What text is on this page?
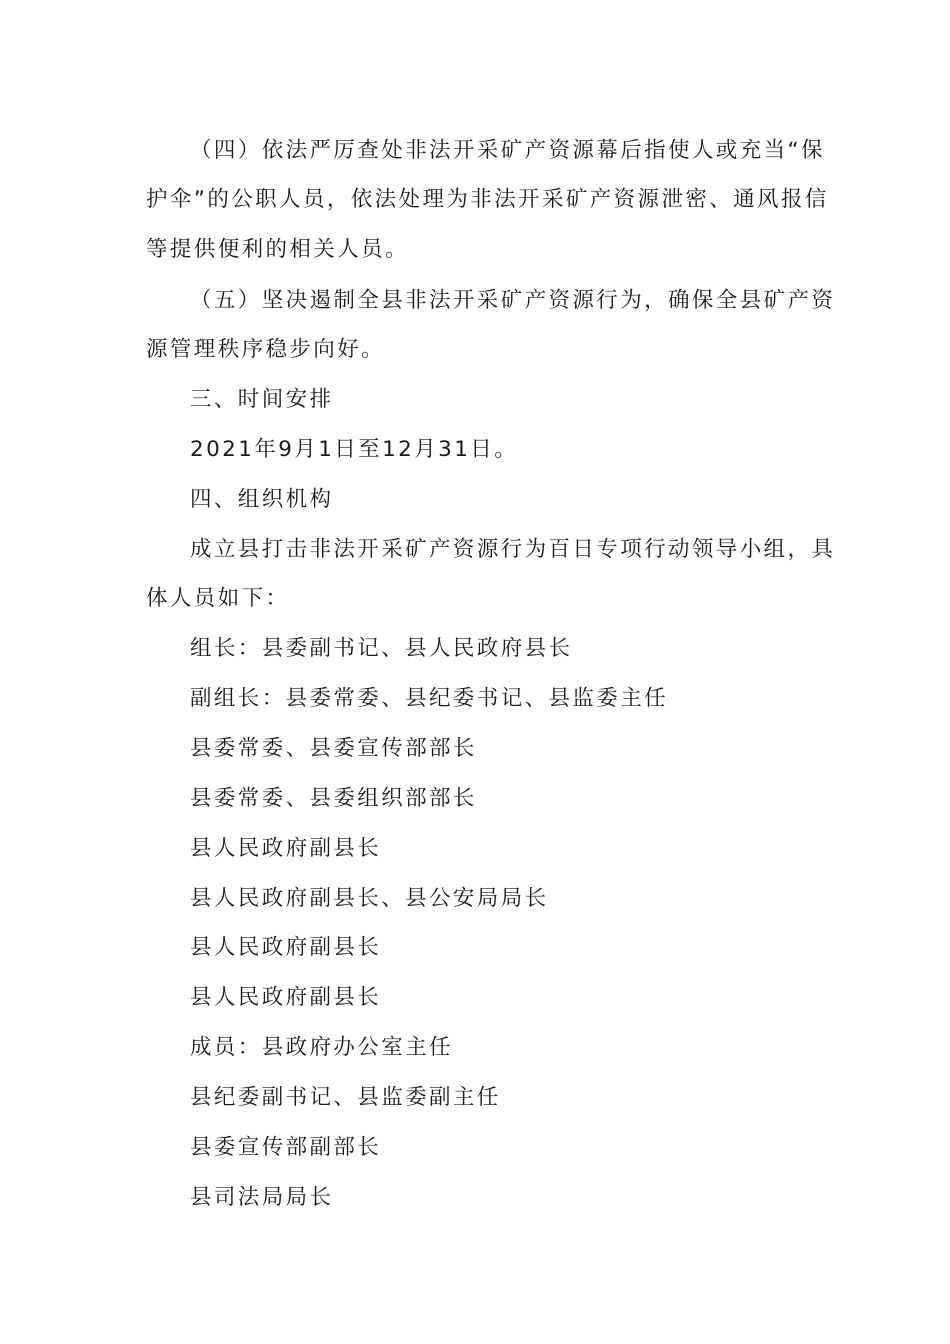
（四）依法严厉查处非法开采矿产资源幕后指使人或充当“保
护伞”的公职人员，依法处理为非法开采矿产资源泄密、通风报信
等提供便利的相关人员。
（五）坚决遏制全县非法开采矿产资源行为，确保全县矿产资
源管理秩序稳步向好。
三、时间安排
2021年9月1日至12月31日。
四、组织机构
成立县打击非法开采矿产资源行为百日专项行动领导小组，具
体人员如下：
组长：县委副书记、县人民政府县长
副组长：县委常委、县纪委书记、县监委主任
县委常委、县委宣传部部长
县委常委、县委组织部部长
县人民政府副县长
县人民政府副县长、县公安局局长
县人民政府副县长
县人民政府副县长
成员：县政府办公室主任
县纪委副书记、县监委副主任
县委宣传部副部长
县司法局局长
